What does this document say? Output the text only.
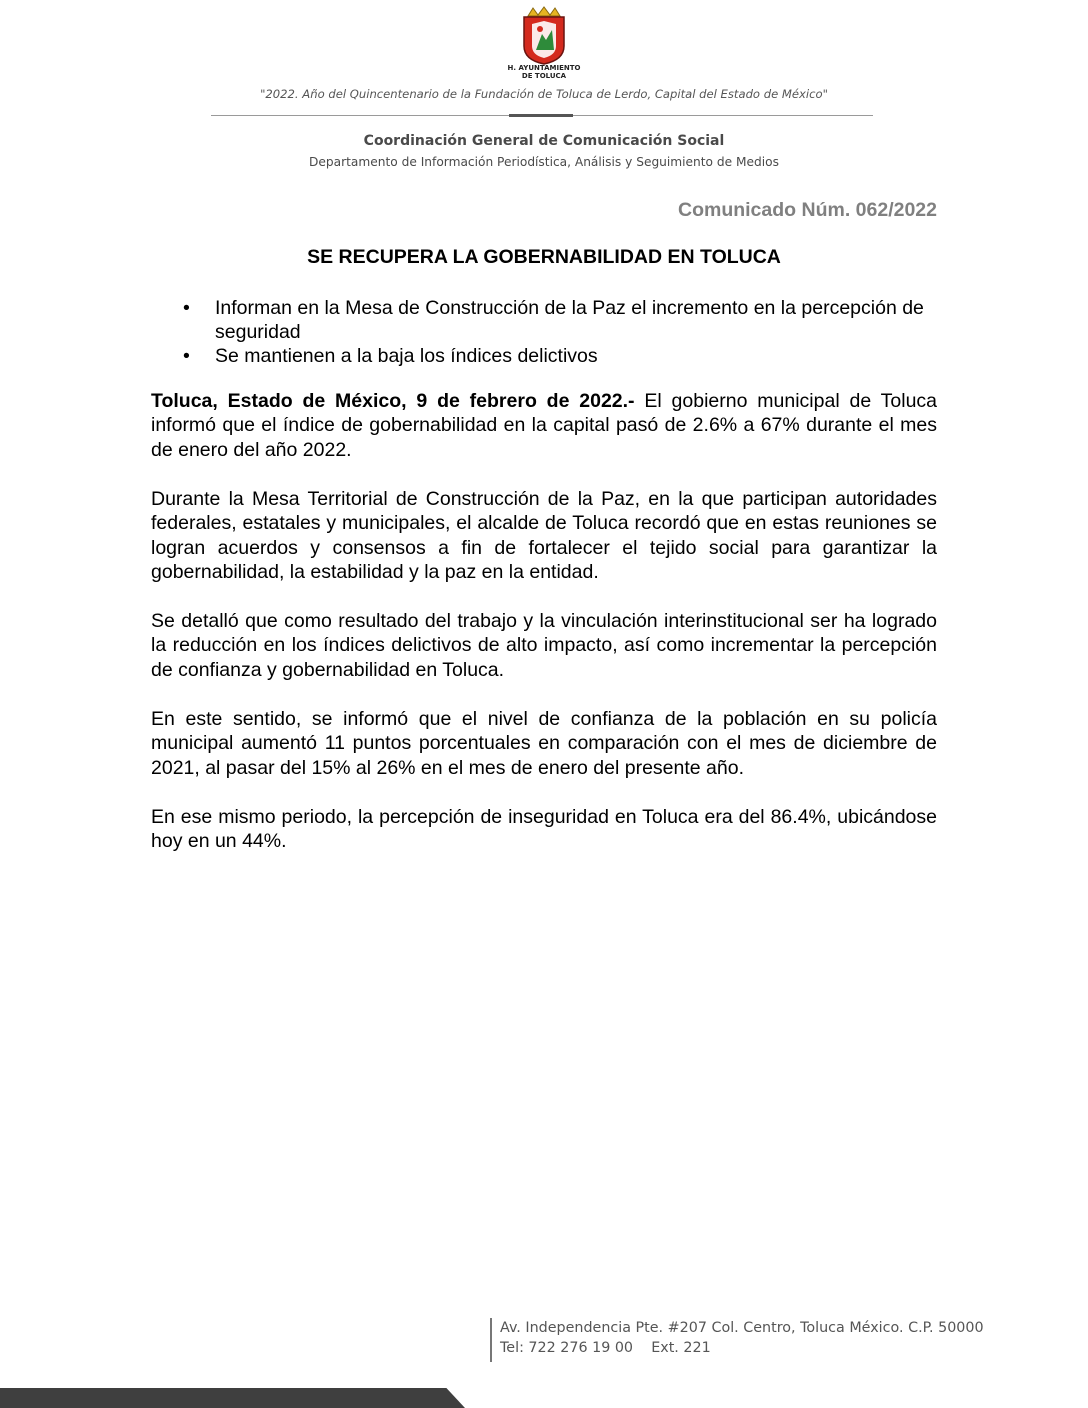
H. AYUNTAMIENTO
DE TOLUCA
"2022. Año del Quincentenario de la Fundación de Toluca de Lerdo, Capital del Estado de México"
Coordinación General de Comunicación Social
Departamento de Información Periodística, Análisis y Seguimiento de Medios
Comunicado Núm. 062/2022
SE RECUPERA LA GOBERNABILIDAD EN TOLUCA
• Informan en la Mesa de Construcción de la Paz el incremento en la percepción de seguridad
• Se mantienen a la baja los índices delictivos

Toluca, Estado de México, 9 de febrero de 2022.- El gobierno municipal de Toluca informó que el índice de gobernabilidad en la capital pasó de 2.6% a 67% durante el mes de enero del año 2022.

Durante la Mesa Territorial de Construcción de la Paz, en la que participan autoridades federales, estatales y municipales, el alcalde de Toluca recordó que en estas reuniones se logran acuerdos y consensos a fin de fortalecer el tejido social para garantizar la gobernabilidad, la estabilidad y la paz en la entidad.

Se detalló que como resultado del trabajo y la vinculación interinstitucional ser ha logrado la reducción en los índices delictivos de alto impacto, así como incrementar la percepción de confianza y gobernabilidad en Toluca.

En este sentido, se informó que el nivel de confianza de la población en su policía municipal aumentó 11 puntos porcentuales en comparación con el mes de diciembre de 2021, al pasar del 15% al 26% en el mes de enero del presente año.

En ese mismo periodo, la percepción de inseguridad en Toluca era del 86.4%, ubicándose hoy en un 44%.

Av. Independencia Pte. #207 Col. Centro, Toluca México. C.P. 50000
Tel: 722 276 19 00    Ext. 221
